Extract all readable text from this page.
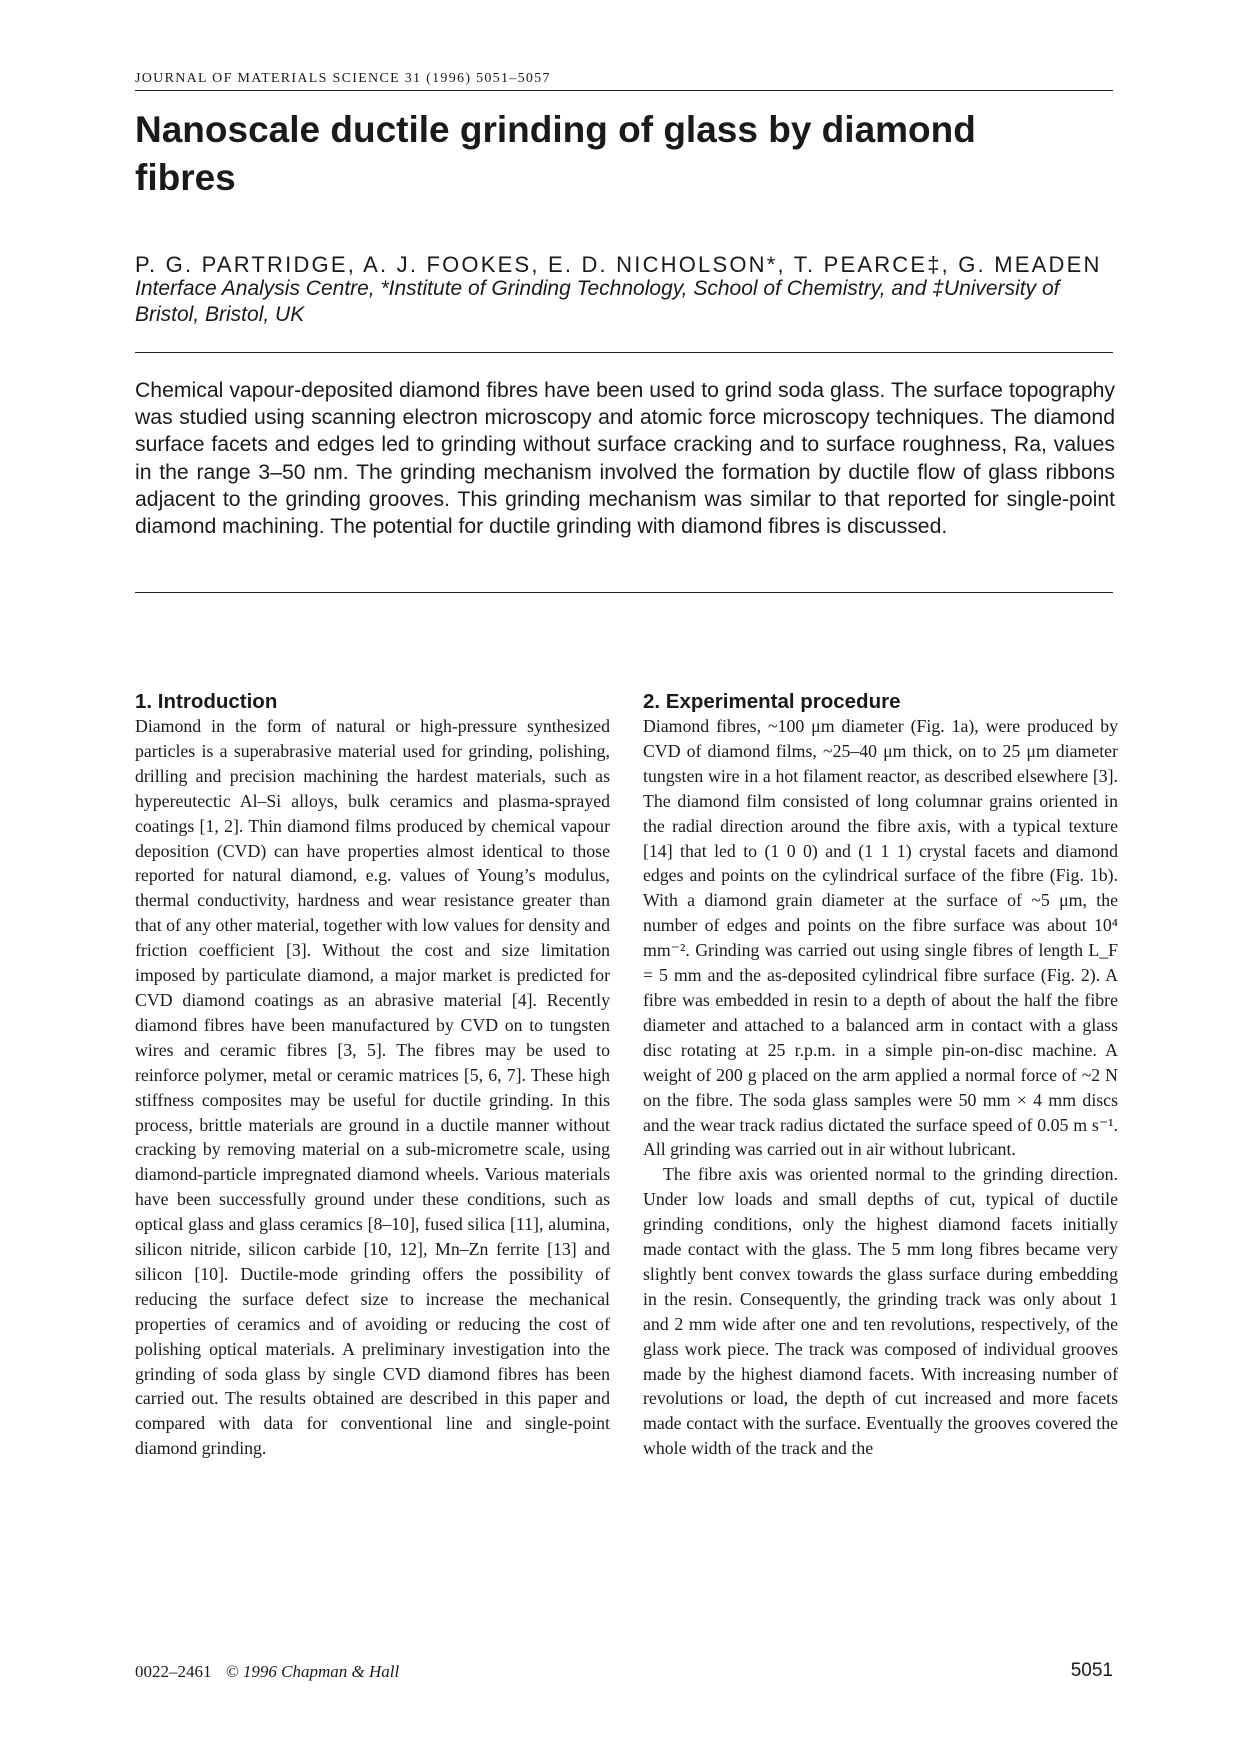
JOURNAL OF MATERIALS SCIENCE 31 (1996) 5051–5057
Nanoscale ductile grinding of glass by diamond fibres
P. G. PARTRIDGE, A. J. FOOKES, E. D. NICHOLSON*, T. PEARCE‡, G. MEADEN
Interface Analysis Centre, *Institute of Grinding Technology, School of Chemistry, and ‡University of Bristol, Bristol, UK

Chemical vapour-deposited diamond fibres have been used to grind soda glass. The surface topography was studied using scanning electron microscopy and atomic force microscopy techniques. The diamond surface facets and edges led to grinding without surface cracking and to surface roughness, Ra, values in the range 3–50 nm. The grinding mechanism involved the formation by ductile flow of glass ribbons adjacent to the grinding grooves. This grinding mechanism was similar to that reported for single-point diamond machining. The potential for ductile grinding with diamond fibres is discussed.

1. Introduction

Diamond in the form of natural or high-pressure synthesized particles is a superabrasive material used for grinding, polishing, drilling and precision machining the hardest materials, such as hypereutectic Al–Si alloys, bulk ceramics and plasma-sprayed coatings [1, 2]. Thin diamond films produced by chemical vapour deposition (CVD) can have properties almost identical to those reported for natural diamond, e.g. values of Young’s modulus, thermal conductivity, hardness and wear resistance greater than that of any other material, together with low values for density and friction coefficient [3]. Without the cost and size limitation imposed by particulate diamond, a major market is predicted for CVD diamond coatings as an abrasive material [4]. Recently diamond fibres have been manufactured by CVD on to tungsten wires and ceramic fibres [3, 5]. The fibres may be used to reinforce polymer, metal or ceramic matrices [5, 6, 7]. These high stiffness composites may be useful for ductile grinding. In this process, brittle materials are ground in a ductile manner without cracking by removing material on a sub-micrometre scale, using diamond-particle impregnated diamond wheels. Various materials have been successfully ground under these conditions, such as optical glass and glass ceramics [8–10], fused silica [11], alumina, silicon nitride, silicon carbide [10, 12], Mn–Zn ferrite [13] and silicon [10]. Ductile-mode grinding offers the possibility of reducing the surface defect size to increase the mechanical properties of ceramics and of avoiding or reducing the cost of polishing optical materials. A preliminary investigation into the grinding of soda glass by single CVD diamond fibres has been carried out. The results obtained are described in this paper and compared with data for conventional line and single-point diamond grinding.

2. Experimental procedure

Diamond fibres, ~100 μm diameter (Fig. 1a), were produced by CVD of diamond films, ~25–40 μm thick, on to 25 μm diameter tungsten wire in a hot filament reactor, as described elsewhere [3]. The diamond film consisted of long columnar grains oriented in the radial direction around the fibre axis, with a typical texture [14] that led to (1 0 0) and (1 1 1) crystal facets and diamond edges and points on the cylindrical surface of the fibre (Fig. 1b). With a diamond grain diameter at the surface of ~5 μm, the number of edges and points on the fibre surface was about 10⁴ mm⁻². Grinding was carried out using single fibres of length L_F = 5 mm and the as-deposited cylindrical fibre surface (Fig. 2). A fibre was embedded in resin to a depth of about the half the fibre diameter and attached to a balanced arm in contact with a glass disc rotating at 25 r.p.m. in a simple pin-on-disc machine. A weight of 200 g placed on the arm applied a normal force of ~2 N on the fibre. The soda glass samples were 50 mm × 4 mm discs and the wear track radius dictated the surface speed of 0.05 m s⁻¹. All grinding was carried out in air without lubricant.

The fibre axis was oriented normal to the grinding direction. Under low loads and small depths of cut, typical of ductile grinding conditions, only the highest diamond facets initially made contact with the glass. The 5 mm long fibres became very slightly bent convex towards the glass surface during embedding in the resin. Consequently, the grinding track was only about 1 and 2 mm wide after one and ten revolutions, respectively, of the glass work piece. The track was composed of individual grooves made by the highest diamond facets. With increasing number of revolutions or load, the depth of cut increased and more facets made contact with the surface. Eventually the grooves covered the whole width of the track and the

0022–2461 © 1996 Chapman & Hall	5051
